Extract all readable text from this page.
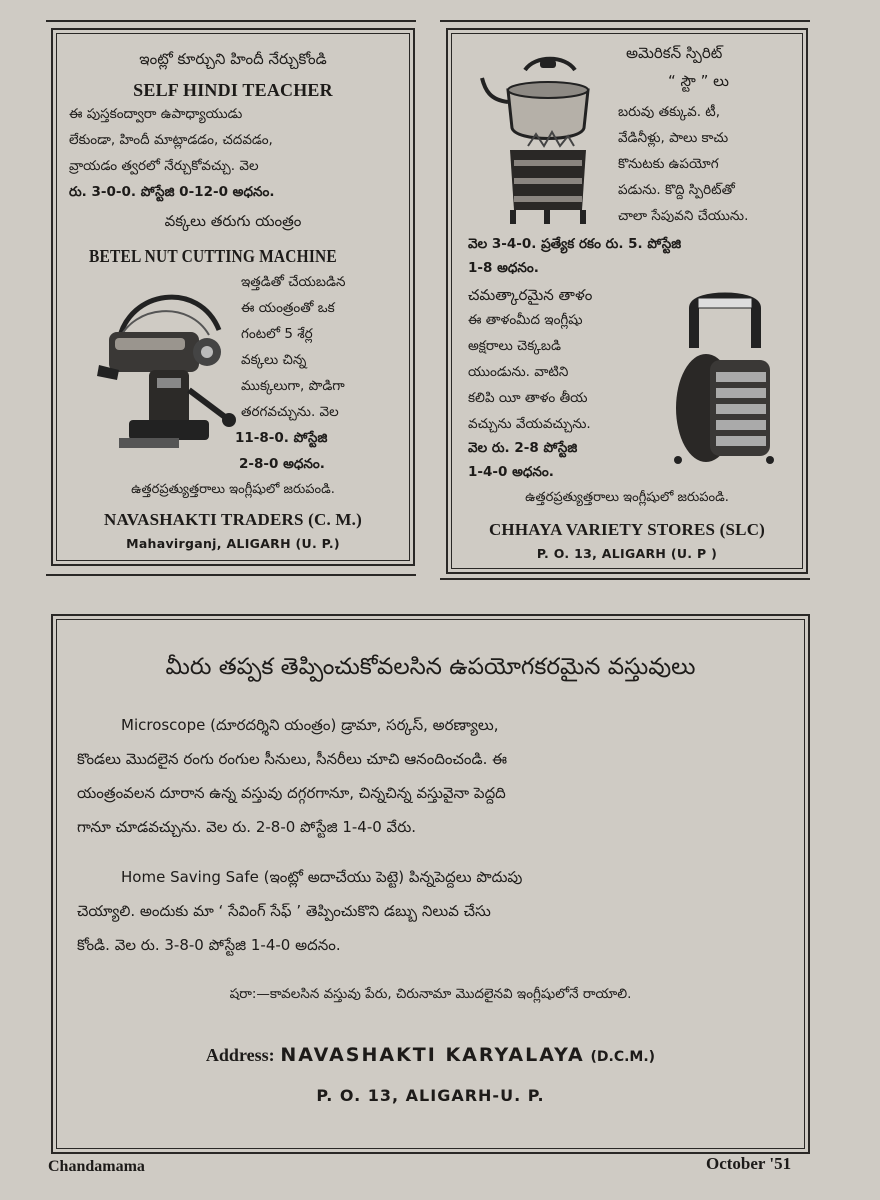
ఇంట్లో కూర్చుని హిందీ నేర్చుకోండి
SELF HINDI TEACHER
ఈ పుస్తకంద్వారా ఉపాధ్యాయుడు
లేకుండా, హిందీ మాట్లాడడం, చదవడం,
వ్రాయడం త్వరలో నేర్చుకోవచ్చు. వెల
రు. 3-0-0. పోస్టేజి 0-12-0 అధనం.
వక్కలు తరుగు యంత్రం
BETEL NUT CUTTING MACHINE
ఇత్తడితో చేయబడిన
ఈ యంత్రంతో ఒక
గంటలో 5 శేర్ల
వక్కలు చిన్న
ముక్కలుగా, పొడిగా
తరగవచ్చును. వెల
11-8-0. పోస్టేజి
2-8-0 అధనం.
ఉత్తరప్రత్యుత్తరాలు ఇంగ్లీషులో జరుపండి.
NAVASHAKTI TRADERS (C. M.)
Mahavirganj, ALIGARH (U. P.)
అమెరికన్ స్పిరిట్
“ స్టౌ ” లు
బరువు తక్కువ. టీ,
వేడినీళ్లు, పాలు కాచు
కొనుటకు ఉపయోగ
పడును. కొద్ది స్పిరిట్‌తో
చాలా సేపువని చేయును.
వెల 3-4-0. ప్రత్యేక రకం రు. 5. పోస్టేజి
1-8 అధనం.
చమత్కారమైన తాళం
ఈ తాళంమీద ఇంగ్లీషు
అక్షరాలు చెక్కబడి
యుండును. వాటిని
కలిపి యీ తాళం తీయ
వచ్చును వేయవచ్చును.
వెల రు. 2-8 పోస్టేజి
1-4-0 అధనం.
ఉత్తరప్రత్యుత్తరాలు ఇంగ్లీషులో జరుపండి.
CHHAYA VARIETY STORES (SLC)
P. O. 13, ALIGARH (U. P )
మీరు తప్పక తెప్పించుకోవలసిన ఉపయోగకరమైన వస్తువులు
Microscope (దూరదర్శిని యంత్రం) డ్రామా, సర్కస్, అరణ్యాలు,
కొండలు మొదలైన రంగు రంగుల సీనులు, సీనరీలు చూచి ఆనందించండి. ఈ
యంత్రంవలన దూరాన ఉన్న వస్తువు దగ్గరగానూ, చిన్నచిన్న వస్తువైనా పెద్దది
గానూ చూడవచ్చును. వెల రు. 2-8-0 పోస్టేజి 1-4-0 వేరు.
Home Saving Safe (ఇంట్లో అదాచేయు పెట్టె) పిన్నపెద్దలు పొదుపు
చెయ్యాలి. అందుకు మా ‘ సేవింగ్ సేఫ్ ’ తెప్పించుకొని డబ్బు నిలువ చేసు
కోండి. వెల రు. 3-8-0 పోస్టేజి 1-4-0 అదనం.
షరా:—కావలసిన వస్తువు పేరు, చిరునామా మొదలైనవి ఇంగ్లీషులోనే రాయాలి.
Address: NAVASHAKTI KARYALAYA (D.C.M.)
P. O. 13, ALIGARH-U. P.
Chandamama	October '51
